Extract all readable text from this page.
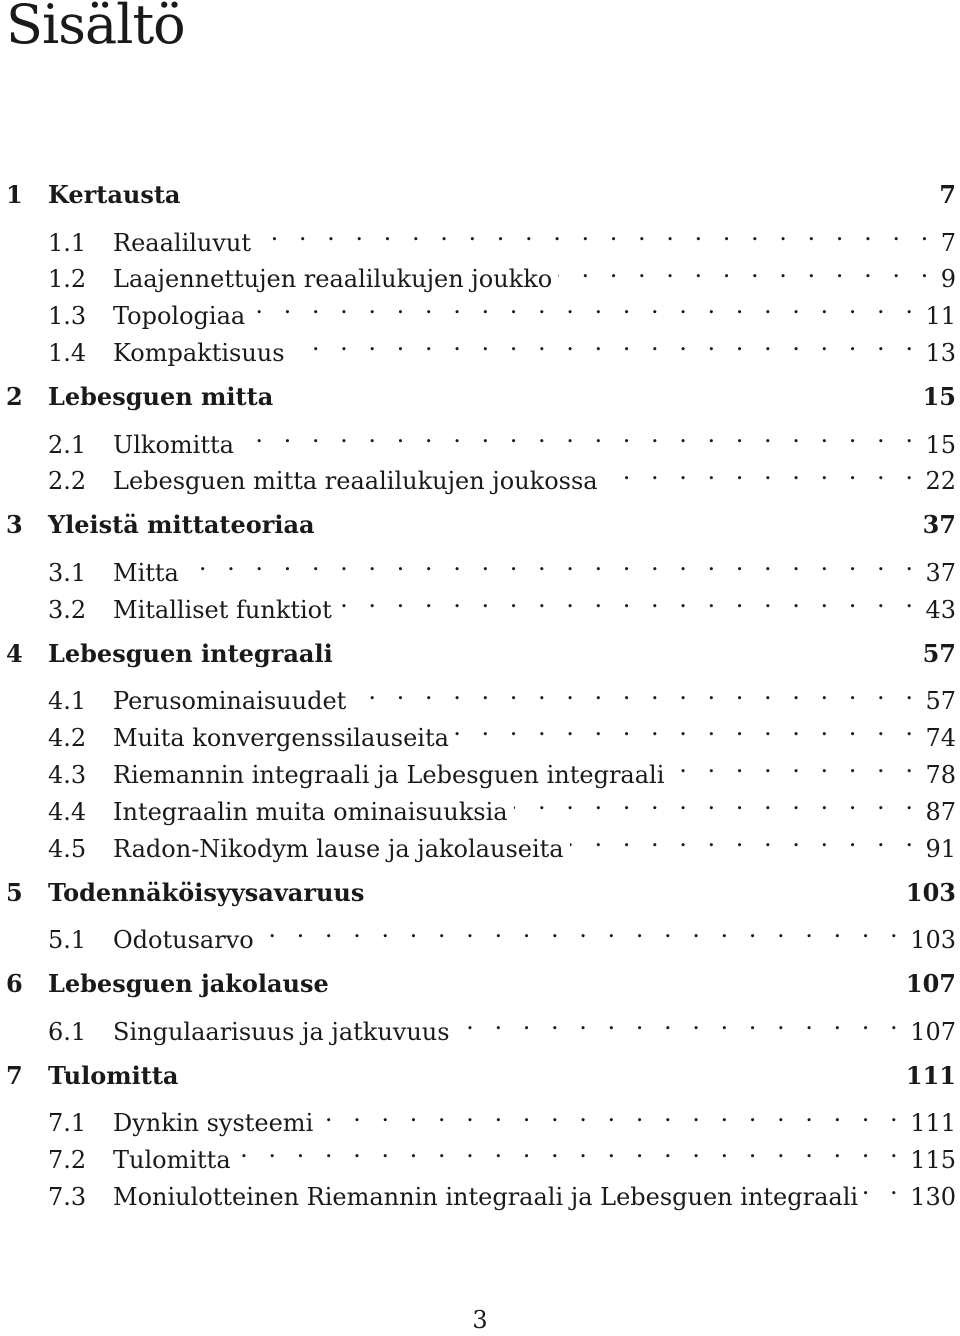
Sisältö
1	Kertausta	7
1.1	Reaaliluvut . . .	7
1.2	Laajennettujen reaalilukujen joukko . . .	9
1.3	Topologiaa . . .	11
1.4	Kompaktisuus . . .	13
2	Lebesguen mitta	15
2.1	Ulkomitta . . .	15
2.2	Lebesguen mitta reaalilukujen joukossa . . .	22
3	Yleistä mittateoriaa	37
3.1	Mitta . . .	37
3.2	Mitalliset funktiot . . .	43
4	Lebesguen integraali	57
4.1	Perusominaisuudet . . .	57
4.2	Muita konvergenssilauseita . . .	74
4.3	Riemannin integraali ja Lebesguen integraali . . .	78
4.4	Integraalin muita ominaisuuksia . . .	87
4.5	Radon-Nikodym lause ja jakolauseita . . .	91
5	Todennäköisyysavaruus	103
5.1	Odotusarvo . . .	103
6	Lebesguen jakolause	107
6.1	Singulaarisuus ja jatkuvuus . . .	107
7	Tulomitta	111
7.1	Dynkin systeemi . . .	111
7.2	Tulomitta . . .	115
7.3	Moniulotteinen Riemannin integraali ja Lebesguen integraali . . . 130
3
